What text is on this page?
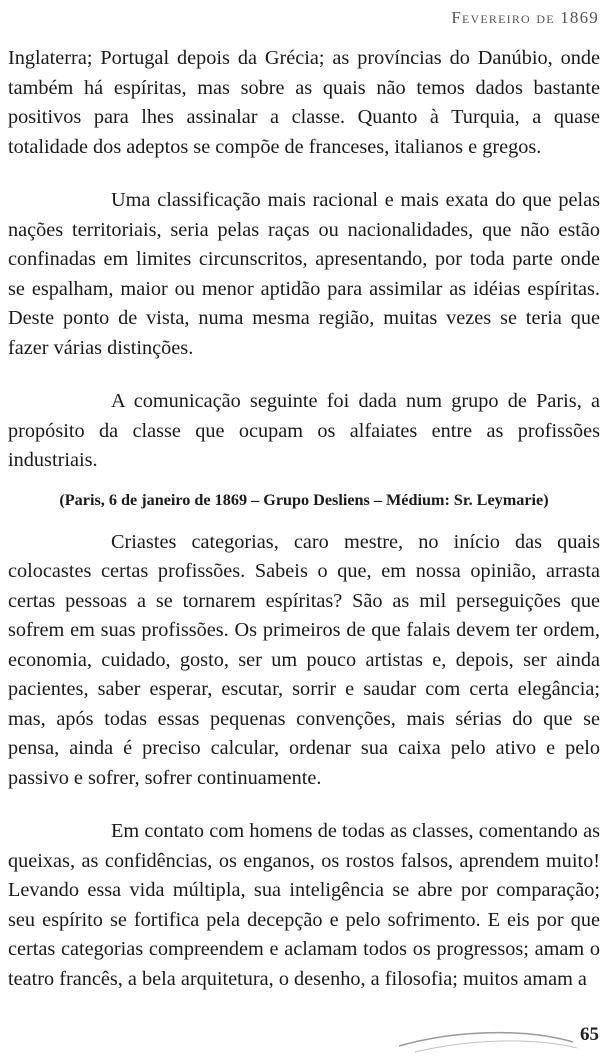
Fevereiro de 1869

Inglaterra; Portugal depois da Grécia; as províncias do Danúbio, onde também há espíritas, mas sobre as quais não temos dados bastante positivos para lhes assinalar a classe. Quanto à Turquia, a quase totalidade dos adeptos se compõe de franceses, italianos e gregos.

Uma classificação mais racional e mais exata do que pelas nações territoriais, seria pelas raças ou nacionalidades, que não estão confinadas em limites circunscritos, apresentando, por toda parte onde se espalham, maior ou menor aptidão para assimilar as idéias espíritas. Deste ponto de vista, numa mesma região, muitas vezes se teria que fazer várias distinções.

A comunicação seguinte foi dada num grupo de Paris, a propósito da classe que ocupam os alfaiates entre as profissões industriais.

(Paris, 6 de janeiro de 1869 – Grupo Desliens – Médium: Sr. Leymarie)

Criastes categorias, caro mestre, no início das quais colocastes certas profissões. Sabeis o que, em nossa opinião, arrasta certas pessoas a se tornarem espíritas? São as mil perseguições que sofrem em suas profissões. Os primeiros de que falais devem ter ordem, economia, cuidado, gosto, ser um pouco artistas e, depois, ser ainda pacientes, saber esperar, escutar, sorrir e saudar com certa elegância; mas, após todas essas pequenas convenções, mais sérias do que se pensa, ainda é preciso calcular, ordenar sua caixa pelo ativo e pelo passivo e sofrer, sofrer continuamente.

Em contato com homens de todas as classes, comentando as queixas, as confidências, os enganos, os rostos falsos, aprendem muito! Levando essa vida múltipla, sua inteligência se abre por comparação; seu espírito se fortifica pela decepção e pelo sofrimento. E eis por que certas categorias compreendem e aclamam todos os progressos; amam o teatro francês, a bela arquitetura, o desenho, a filosofia; muitos amam a

65
